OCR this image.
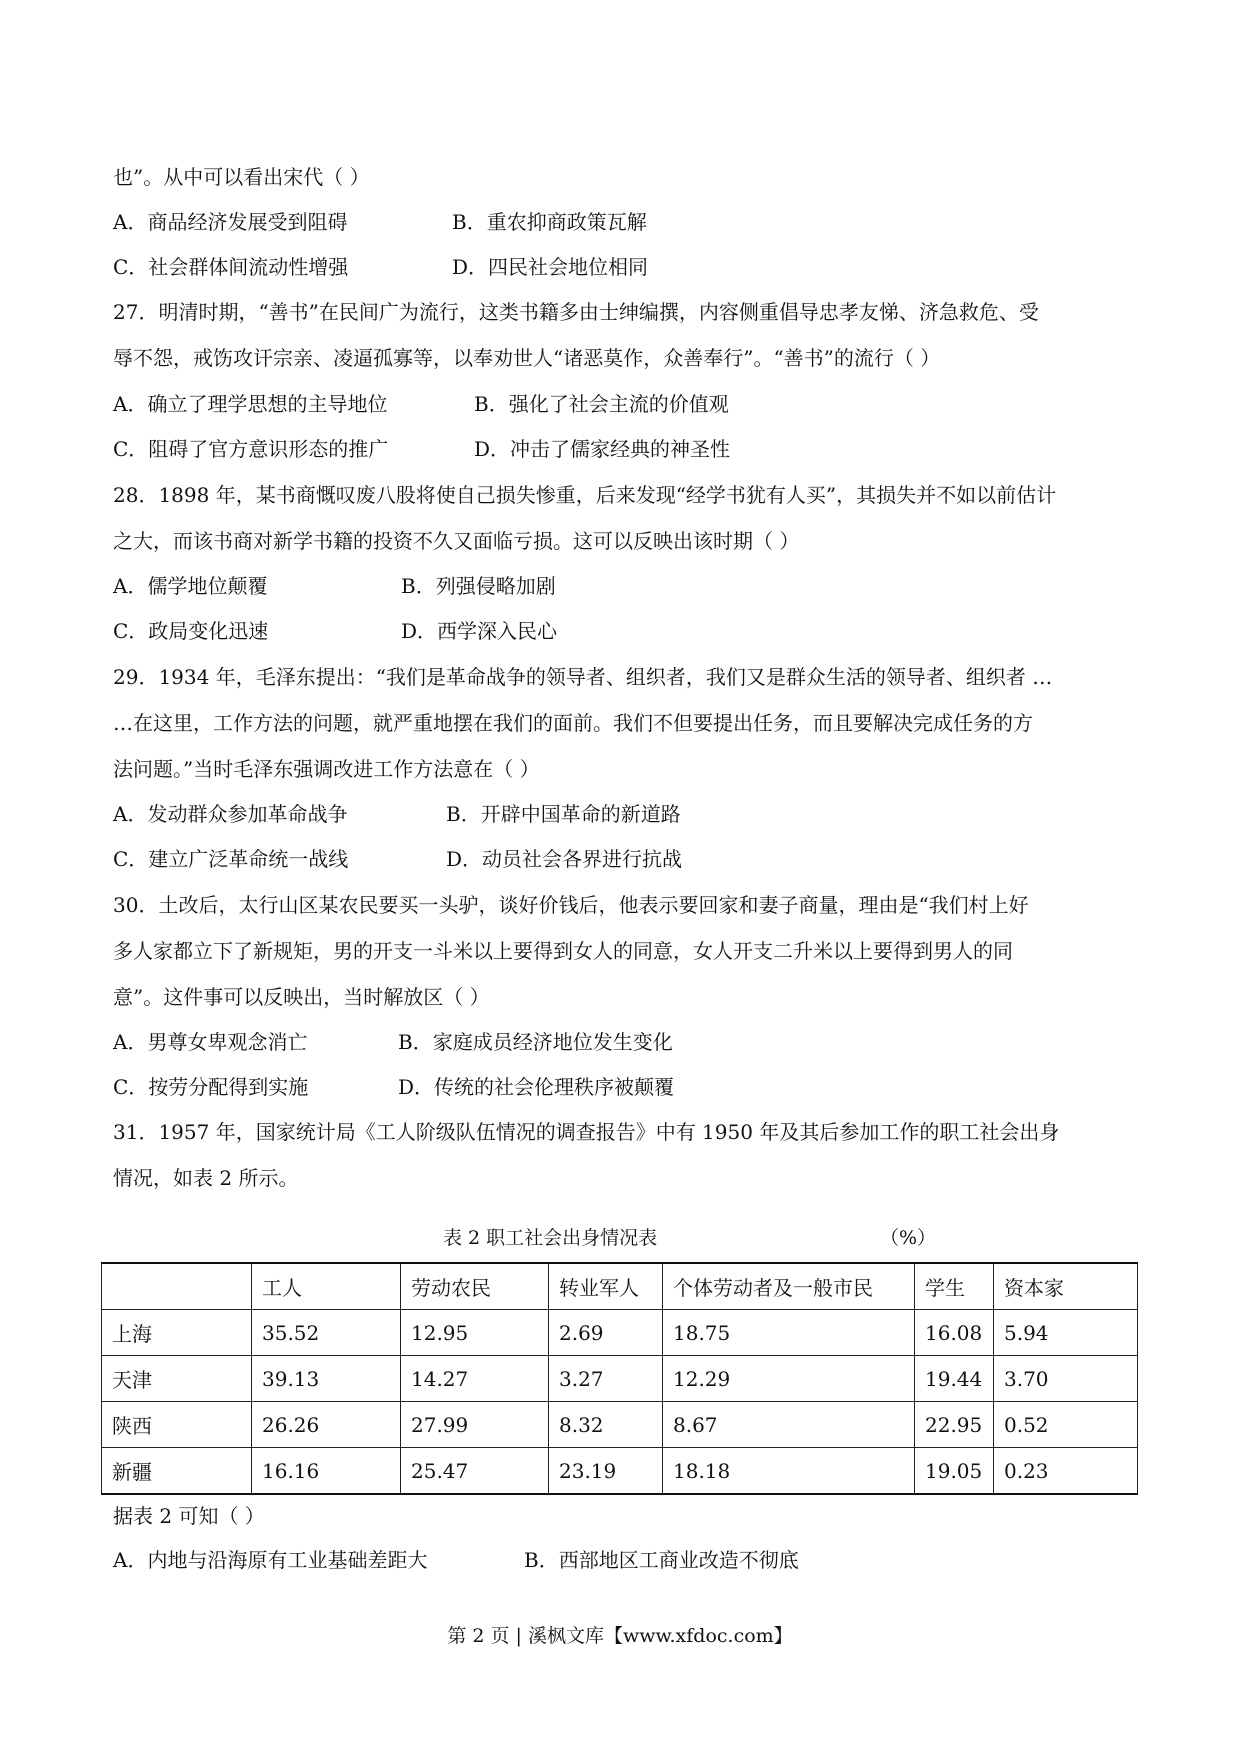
也”。从中可以看出宋代（ ）
A．商品经济发展受到阻碍	B．重农抑商政策瓦解
C．社会群体间流动性增强	D．四民社会地位相同
27．明清时期，“善书”在民间广为流行，这类书籍多由士绅编撰，内容侧重倡导忠孝友悌、济急救危、受
辱不怨，戒饬攻讦宗亲、凌逼孤寡等，以奉劝世人“诸恶莫作，众善奉行”。“善书”的流行（ ）
A．确立了理学思想的主导地位	B．强化了社会主流的价值观
C．阻碍了官方意识形态的推广	D．冲击了儒家经典的神圣性
28．1898 年，某书商慨叹废八股将使自己损失惨重，后来发现“经学书犹有人买”，其损失并不如以前估计
之大，而该书商对新学书籍的投资不久又面临亏损。这可以反映出该时期（ ）
A．儒学地位颠覆	B．列强侵略加剧
C．政局变化迅速	D．西学深入民心
29．1934 年，毛泽东提出：“我们是革命战争的领导者、组织者，我们又是群众生活的领导者、组织者 …
…在这里，工作方法的问题，就严重地摆在我们的面前。我们不但要提出任务，而且要解决完成任务的方
法问题。”当时毛泽东强调改进工作方法意在（ ）
A．发动群众参加革命战争	B．开辟中国革命的新道路
C．建立广泛革命统一战线	D．动员社会各界进行抗战
30．土改后，太行山区某农民要买一头驴，谈好价钱后，他表示要回家和妻子商量，理由是“我们村上好
多人家都立下了新规矩，男的开支一斗米以上要得到女人的同意，女人开支二升米以上要得到男人的同
意”。这件事可以反映出，当时解放区（ ）
A．男尊女卑观念消亡	B．家庭成员经济地位发生变化
C．按劳分配得到实施	D．传统的社会伦理秩序被颠覆
31．1957 年，国家统计局《工人阶级队伍情况的调查报告》中有 1950 年及其后参加工作的职工社会出身
情况，如表 2 所示。
表 2 职工社会出身情况表	（%）
	工人	劳动农民	转业军人	个体劳动者及一般市民	学生	资本家
上海	35.52	12.95	2.69	18.75	16.08	5.94
天津	39.13	14.27	3.27	12.29	19.44	3.70
陕西	26.26	27.99	8.32	8.67	22.95	0.52
新疆	16.16	25.47	23.19	18.18	19.05	0.23
据表 2 可知（ ）
A．内地与沿海原有工业基础差距大	B．西部地区工商业改造不彻底
第 2 页 | 溪枫文库【www.xfdoc.com】
